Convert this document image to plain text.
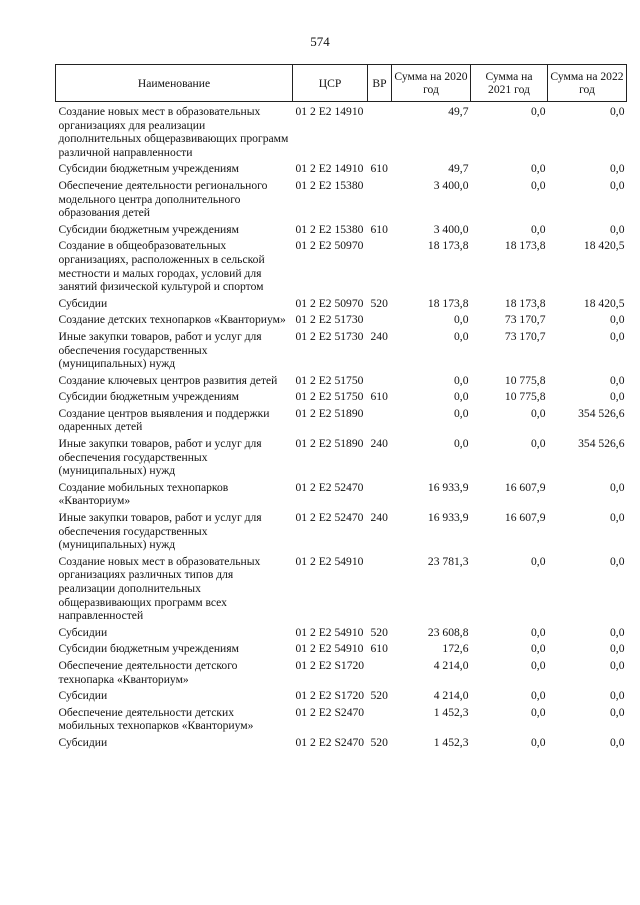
574
Наименование	ЦСР	ВР	Сумма на 2020 год	Сумма на 2021 год	Сумма на 2022 год
Создание новых мест в образовательных организациях для реализации дополнительных общеразвивающих программ различной направленности	01 2 E2 14910		49,7	0,0	0,0
Субсидии бюджетным учреждениям	01 2 E2 14910	610	49,7	0,0	0,0
Обеспечение деятельности регионального модельного центра дополнительного образования детей	01 2 E2 15380		3 400,0	0,0	0,0
Субсидии бюджетным учреждениям	01 2 E2 15380	610	3 400,0	0,0	0,0
Создание в общеобразовательных организациях, расположенных в сельской местности и малых городах, условий для занятий физической культурой и спортом	01 2 E2 50970		18 173,8	18 173,8	18 420,5
Субсидии	01 2 E2 50970	520	18 173,8	18 173,8	18 420,5
Создание детских технопарков «Кванториум»	01 2 E2 51730		0,0	73 170,7	0,0
Иные закупки товаров, работ и услуг для обеспечения государственных (муниципальных) нужд	01 2 E2 51730	240	0,0	73 170,7	0,0
Создание ключевых центров развития детей	01 2 E2 51750		0,0	10 775,8	0,0
Субсидии бюджетным учреждениям	01 2 E2 51750	610	0,0	10 775,8	0,0
Создание центров выявления и поддержки одаренных детей	01 2 E2 51890		0,0	0,0	354 526,6
Иные закупки товаров, работ и услуг для обеспечения государственных (муниципальных) нужд	01 2 E2 51890	240	0,0	0,0	354 526,6
Создание мобильных технопарков «Кванториум»	01 2 E2 52470		16 933,9	16 607,9	0,0
Иные закупки товаров, работ и услуг для обеспечения государственных (муниципальных) нужд	01 2 E2 52470	240	16 933,9	16 607,9	0,0
Создание новых мест в образовательных организациях различных типов для реализации дополнительных общеразвивающих программ всех направленностей	01 2 E2 54910		23 781,3	0,0	0,0
Субсидии	01 2 E2 54910	520	23 608,8	0,0	0,0
Субсидии бюджетным учреждениям	01 2 E2 54910	610	172,6	0,0	0,0
Обеспечение деятельности детского технопарка «Кванториум»	01 2 E2 S1720		4 214,0	0,0	0,0
Субсидии	01 2 E2 S1720	520	4 214,0	0,0	0,0
Обеспечение деятельности детских мобильных технопарков «Кванториум»	01 2 E2 S2470		1 452,3	0,0	0,0
Субсидии	01 2 E2 S2470	520	1 452,3	0,0	0,0
